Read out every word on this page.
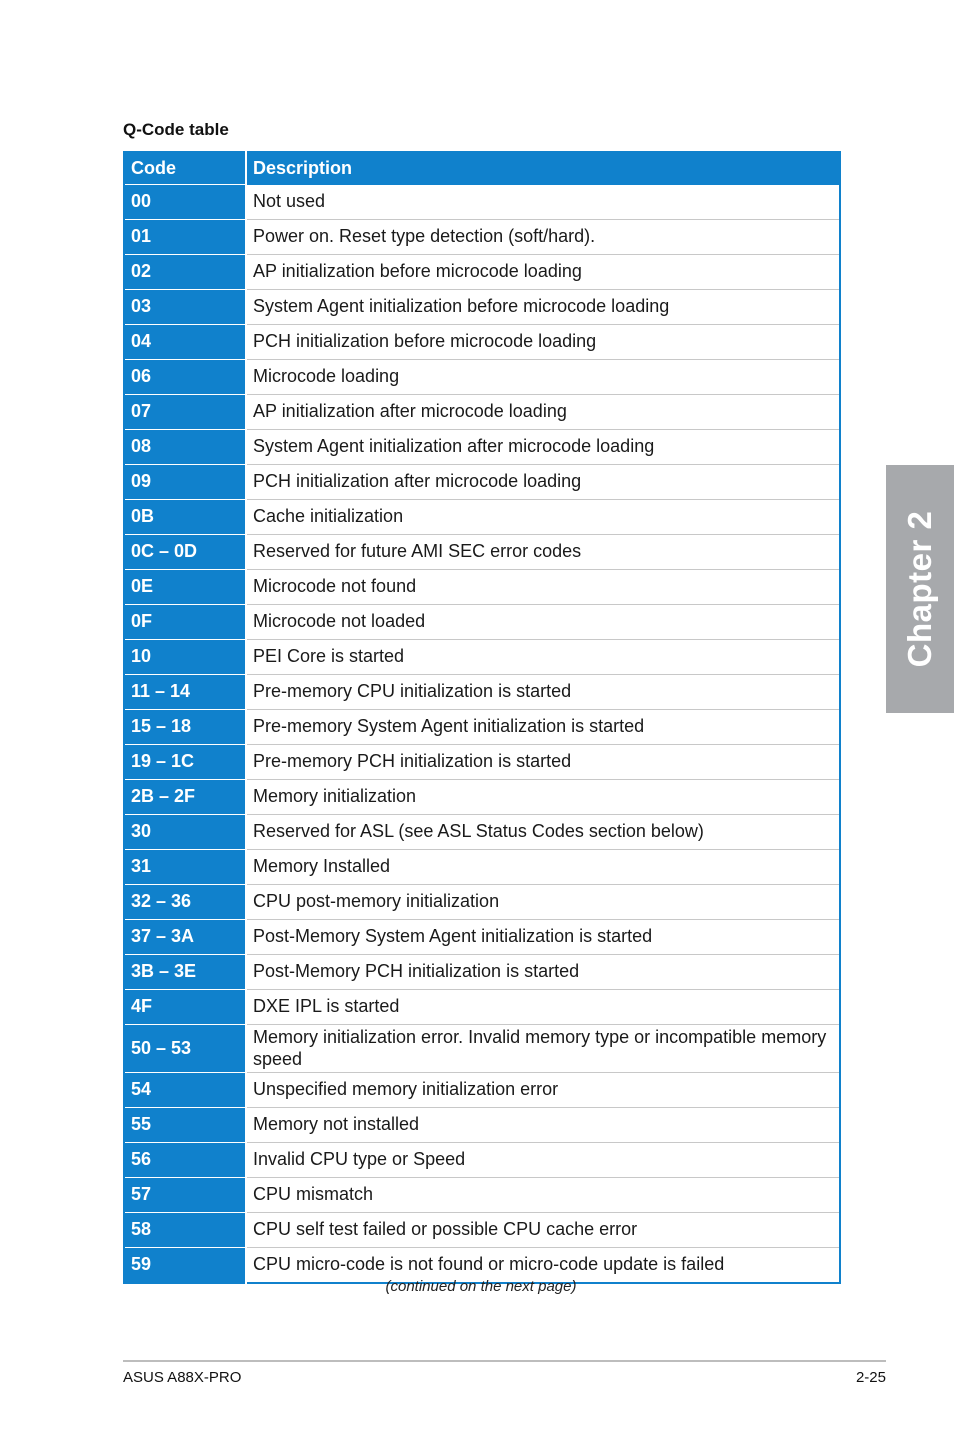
Q-Code table
Code	Description
00	Not used
01	Power on. Reset type detection (soft/hard).
02	AP initialization before microcode loading
03	System Agent initialization before microcode loading
04	PCH initialization before microcode loading
06	Microcode loading
07	AP initialization after microcode loading
08	System Agent initialization after microcode loading
09	PCH initialization after microcode loading
0B	Cache initialization
0C – 0D	Reserved for future AMI SEC error codes
0E	Microcode not found
0F	Microcode not loaded
10	PEI Core is started
11 – 14	Pre-memory CPU initialization is started
15 – 18	Pre-memory System Agent initialization is started
19 – 1C	Pre-memory PCH initialization is started
2B – 2F	Memory initialization
30	Reserved for ASL (see ASL Status Codes section below)
31	Memory Installed
32 – 36	CPU post-memory initialization
37 – 3A	Post-Memory System Agent initialization is started
3B – 3E	Post-Memory PCH initialization is started
4F	DXE IPL is started
50 – 53	Memory initialization error. Invalid memory type or incompatible memory speed
54	Unspecified memory initialization error
55	Memory not installed
56	Invalid CPU type or Speed
57	CPU mismatch
58	CPU self test failed or possible CPU cache error
59	CPU micro-code is not found or micro-code update is failed
(continued on the next page)
ASUS A88X-PRO	2-25
Chapter 2
